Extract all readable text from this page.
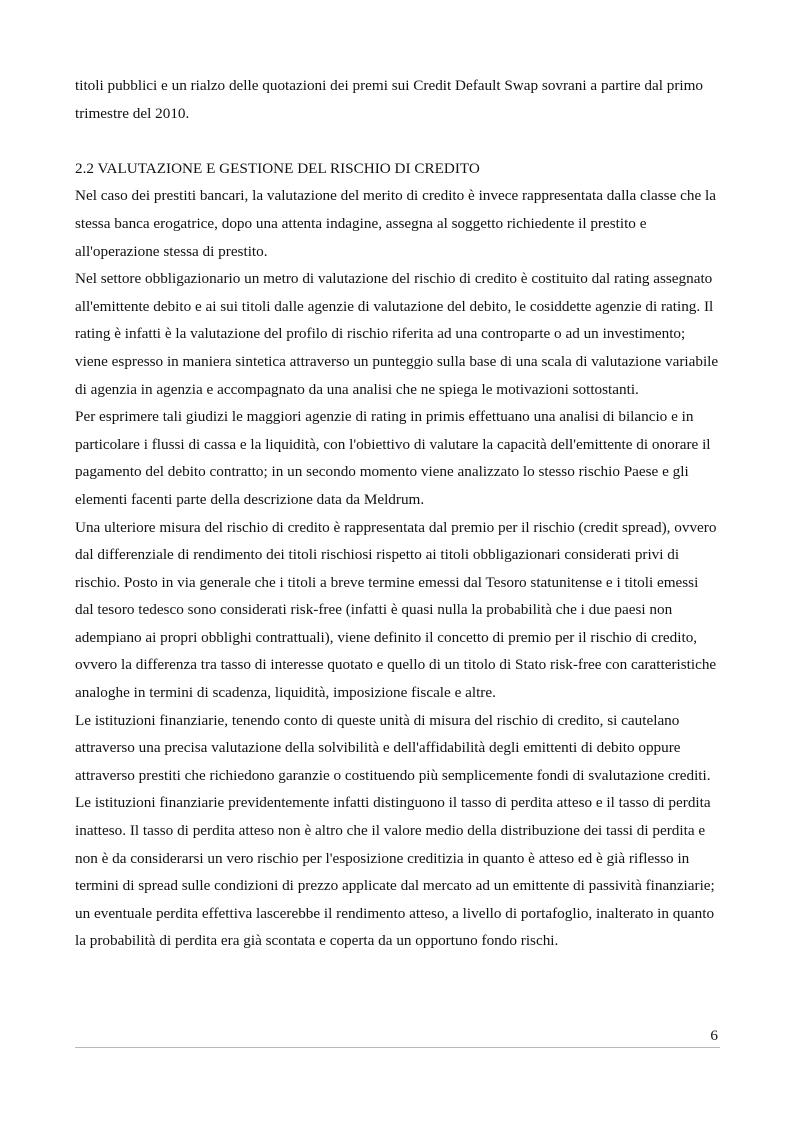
titoli pubblici e un rialzo delle quotazioni dei premi sui Credit Default Swap sovrani a partire dal primo trimestre del 2010.

2.2 VALUTAZIONE E GESTIONE DEL RISCHIO DI CREDITO

Nel caso dei prestiti bancari, la valutazione del merito di credito è invece rappresentata dalla classe che la stessa banca erogatrice, dopo una attenta indagine, assegna al soggetto richiedente il prestito e all'operazione stessa di prestito.

Nel settore obbligazionario un metro di valutazione del rischio di credito è costituito dal rating assegnato all'emittente debito e ai sui titoli dalle agenzie di valutazione del debito, le cosiddette agenzie di rating. Il rating è infatti è la valutazione del profilo di rischio riferita ad una controparte o ad un investimento; viene espresso in maniera sintetica attraverso un punteggio sulla base di una scala di valutazione variabile di agenzia in agenzia e accompagnato da una analisi che ne spiega le motivazioni sottostanti.

Per esprimere tali giudizi le maggiori agenzie di rating in primis effettuano una analisi di bilancio e in particolare i flussi di cassa e la liquidità, con l'obiettivo di valutare la capacità dell'emittente di onorare il pagamento del debito contratto; in un secondo momento viene analizzato lo stesso rischio Paese e gli elementi facenti parte della descrizione data da Meldrum.

Una ulteriore misura del rischio di credito è rappresentata dal premio per il rischio (credit spread), ovvero dal differenziale di rendimento dei titoli rischiosi rispetto ai titoli obbligazionari considerati privi di rischio. Posto in via generale che i titoli a breve termine emessi dal Tesoro statunitense e i titoli emessi dal tesoro tedesco sono considerati risk-free (infatti è quasi nulla la probabilità che i due paesi non adempiano ai propri obblighi contrattuali), viene definito il concetto di premio per il rischio di credito, ovvero la differenza tra tasso di interesse quotato e quello di un titolo di Stato risk-free con caratteristiche analoghe in termini di scadenza, liquidità, imposizione fiscale e altre.

Le istituzioni finanziarie, tenendo conto di queste unità di misura del rischio di credito, si cautelano attraverso una precisa valutazione della solvibilità e dell'affidabilità degli emittenti di debito oppure attraverso prestiti che richiedono garanzie o costituendo più semplicemente fondi di svalutazione crediti. Le istituzioni finanziarie previdentemente infatti distinguono il tasso di perdita atteso e il tasso di perdita inatteso. Il tasso di perdita atteso non è altro che il valore medio della distribuzione dei tassi di perdita e non è da considerarsi un vero rischio per l'esposizione creditizia in quanto è atteso ed è già riflesso in termini di spread sulle condizioni di prezzo applicate dal mercato ad un emittente di passività finanziarie; un eventuale perdita effettiva lascerebbe il rendimento atteso, a livello di portafoglio, inalterato in quanto la probabilità di perdita era già scontata e coperta da un opportuno fondo rischi.

6
